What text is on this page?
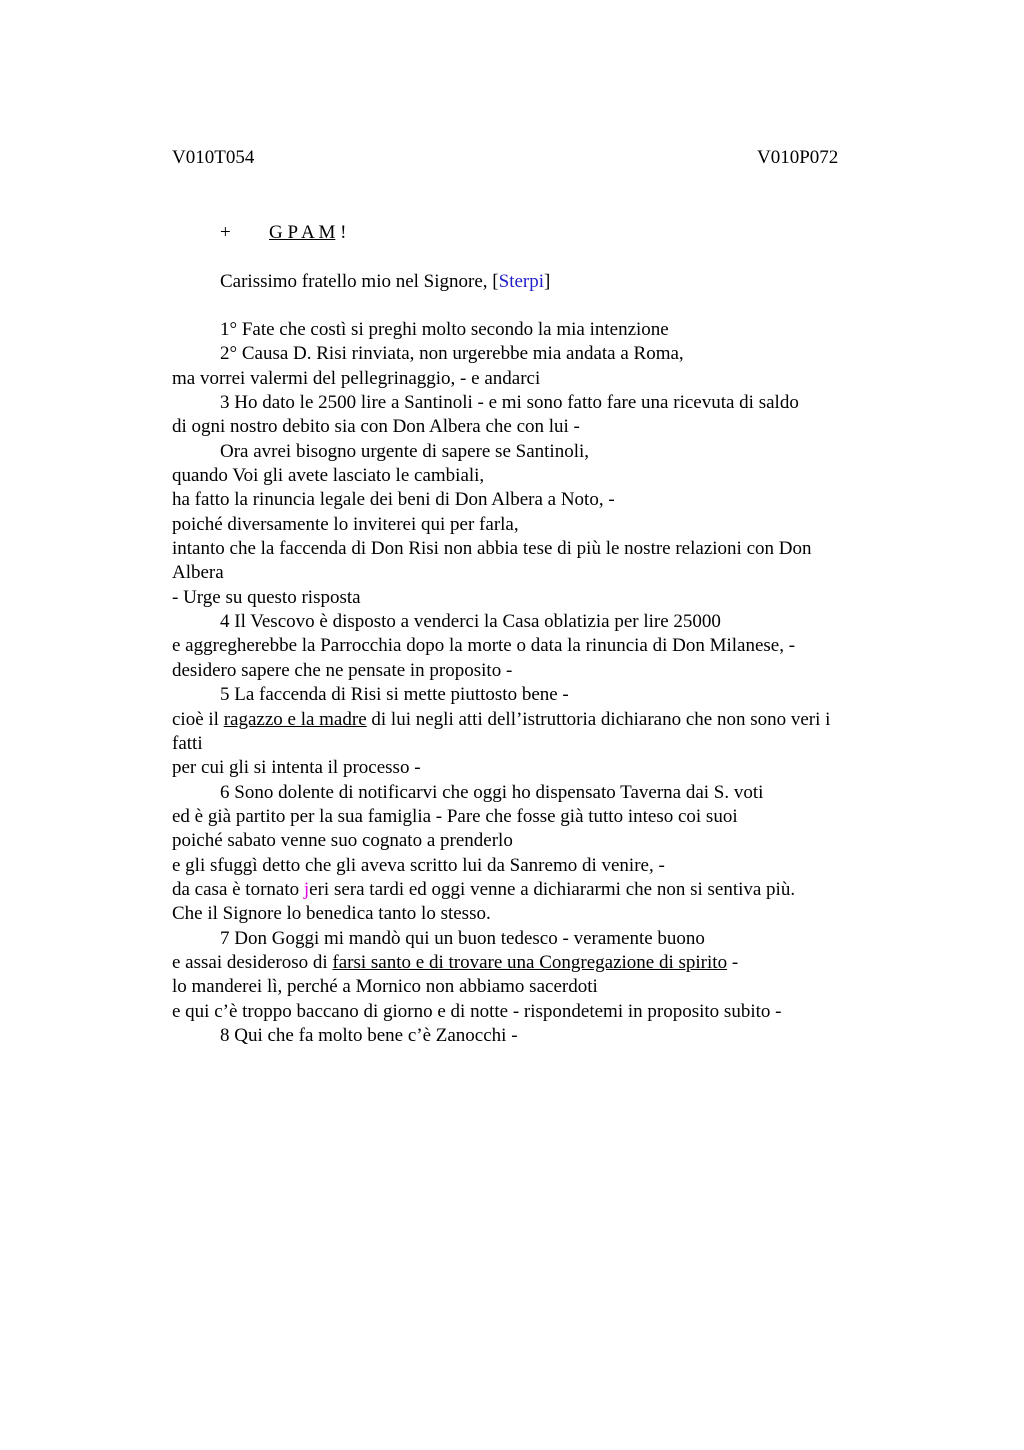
V010T054	V010P072
+ G P A M !
Carissimo fratello mio nel Signore, [Sterpi]
1° Fate che costì si preghi molto secondo la mia intenzione
2° Causa D. Risi rinviata, non urgerebbe mia andata a Roma,
ma vorrei valermi del pellegrinaggio, - e andarci
3 Ho dato le 2500 lire a Santinoli - e mi sono fatto fare una ricevuta di saldo
di ogni nostro debito sia con Don Albera che con lui -
Ora avrei bisogno urgente di sapere se Santinoli,
quando Voi gli avete lasciato le cambiali,
ha fatto la rinuncia legale dei beni di Don Albera a Noto, -
poiché diversamente lo inviterei qui per farla,
intanto che la faccenda di Don Risi non abbia tese di più le nostre relazioni con Don
Albera
- Urge su questo risposta
4 Il Vescovo è disposto a venderci la Casa oblatizia per lire 25000
e aggregherebbe la Parrocchia dopo la morte o data la rinuncia di Don Milanese, -
desidero sapere che ne pensate in proposito -
5 La faccenda di Risi si mette piuttosto bene -
cioè il ragazzo e la madre di lui negli atti dell’istruttoria dichiarano che non sono veri i
fatti
per cui gli si intenta il processo -
6 Sono dolente di notificarvi che oggi ho dispensato Taverna dai S. voti
ed è già partito per la sua famiglia - Pare che fosse già tutto inteso coi suoi
poiché sabato venne suo cognato a prenderlo
e gli sfuggì detto che gli aveva scritto lui da Sanremo di venire, -
da casa è tornato jeri sera tardi ed oggi venne a dichiararmi che non si sentiva più.
Che il Signore lo benedica tanto lo stesso.
7 Don Goggi mi mandò qui un buon tedesco - veramente buono
e assai desideroso di farsi santo e di trovare una Congregazione di spirito -
lo manderei lì, perché a Mornico non abbiamo sacerdoti
e qui c’è troppo baccano di giorno e di notte - rispondetemi in proposito subito -
8 Qui che fa molto bene c’è Zanocchi -
